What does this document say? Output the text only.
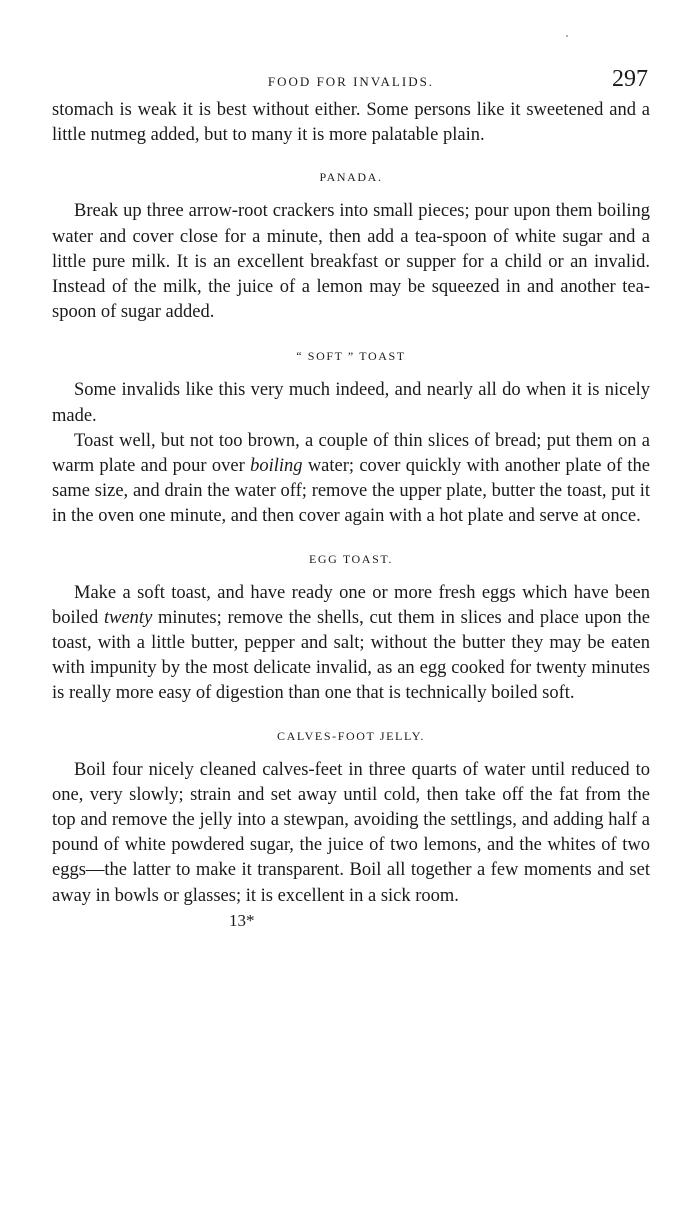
FOOD FOR INVALIDS.	297

stomach is weak it is best without either. Some persons like it sweetened and a little nutmeg added, but to many it is more palatable plain.

PANADA.

Break up three arrow-root crackers into small pieces; pour upon them boiling water and cover close for a minute, then add a tea-spoon of white sugar and a little pure milk. It is an excellent breakfast or supper for a child or an invalid. Instead of the milk, the juice of a lemon may be squeezed in and another tea-spoon of sugar added.

“ SOFT ” TOAST

Some invalids like this very much indeed, and nearly all do when it is nicely made.

Toast well, but not too brown, a couple of thin slices of bread; put them on a warm plate and pour over boiling water; cover quickly with another plate of the same size, and drain the water off; remove the upper plate, butter the toast, put it in the oven one minute, and then cover again with a hot plate and serve at once.

EGG TOAST.

Make a soft toast, and have ready one or more fresh eggs which have been boiled twenty minutes; remove the shells, cut them in slices and place upon the toast, with a little butter, pepper and salt; without the butter they may be eaten with impunity by the most delicate invalid, as an egg cooked for twenty minutes is really more easy of digestion than one that is technically boiled soft.

CALVES-FOOT JELLY.

Boil four nicely cleaned calves-feet in three quarts of water until reduced to one, very slowly; strain and set away until cold, then take off the fat from the top and remove the jelly into a stewpan, avoiding the settlings, and adding half a pound of white powdered sugar, the juice of two lemons, and the whites of two eggs—the latter to make it transparent. Boil all together a few moments and set away in bowls or glasses; it is excellent in a sick room.

13*
